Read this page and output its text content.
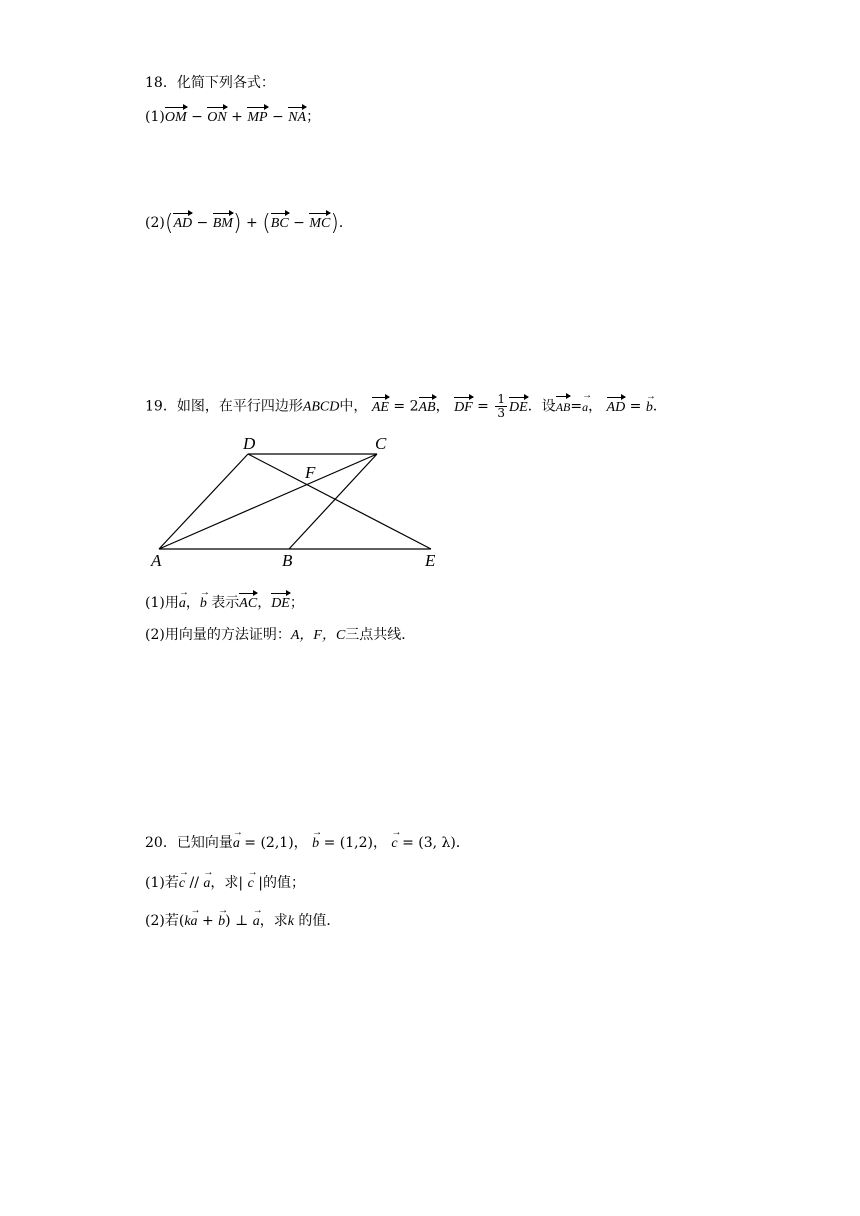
18．化简下列各式：
(1)OM − ON + MP − NA；
(2)(AD − BM) + (BC − MC)．
19．如图，在平行四边形ABCD中， AE = 2AB， DF = $\frac{1}{3}$ DE．设AB=→ a， AD = → b．
D	C
F
A	B	E
(1)用→ a，→ b 表示AC，DE；
(2)用向量的方法证明：A，F，C三点共线．
20．已知向量→ a = (2,1)， → b = (1,2)， → c = (3, λ)．
(1)若→ c // → a，求| → c |的值；
(2)若(k→ a + → b) ⊥ → a，求k 的值．
